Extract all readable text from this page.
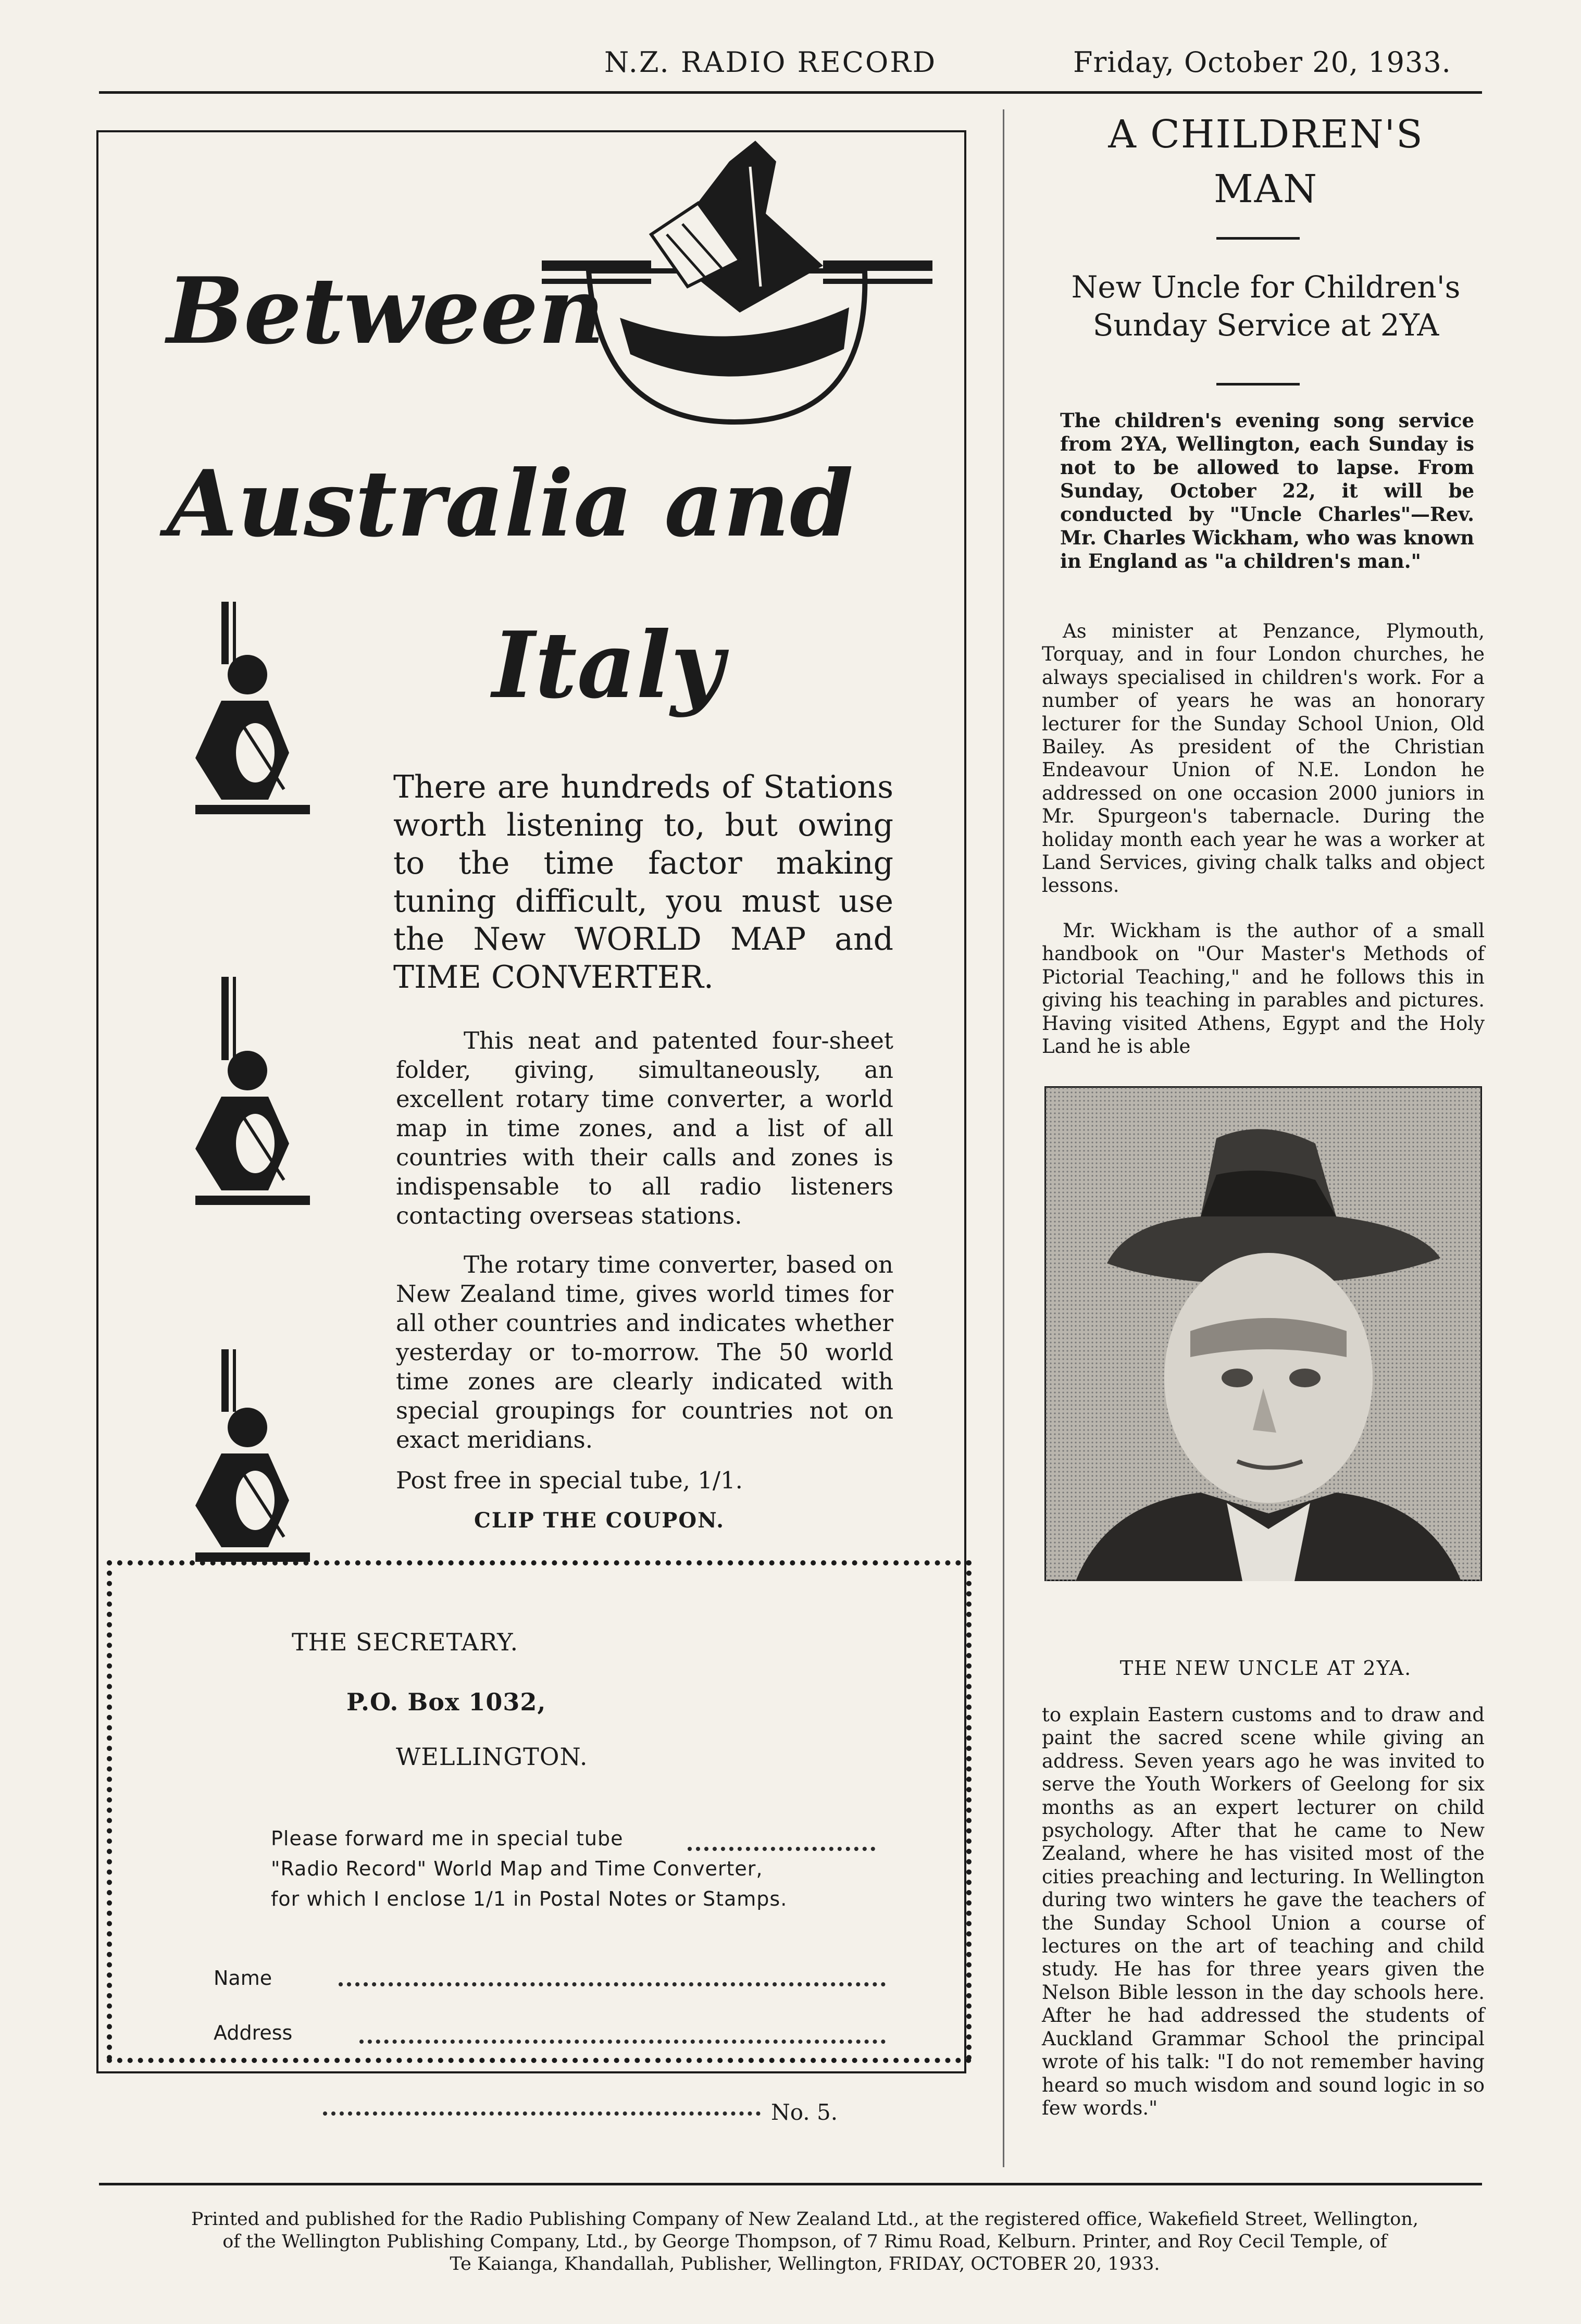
N.Z. RADIO RECORD	Friday, October 20, 1933.
Between
Australia and
Italy
There are hundreds of Stations worth listening to, but owing to the time factor making tuning difficult, you must use the New WORLD MAP and TIME CONVERTER.
This neat and patented four-sheet folder, giving, simultaneously, an excellent rotary time converter, a world map in time zones, and a list of all countries with their calls and zones is indispensable to all radio listeners contacting overseas stations.
The rotary time converter, based on New Zealand time, gives world times for all other countries and indicates whether yesterday or to-morrow. The 50 world time zones are clearly indicated with special groupings for countries not on exact meridians.
Post free in special tube, 1/1.
CLIP THE COUPON.
THE SECRETARY.
P.O. Box 1032,
WELLINGTON.
Please forward me in special tube
"Radio Record" World Map and Time Converter,
for which I enclose 1/1 in Postal Notes or Stamps.
Name
Address
No. 5.
A CHILDREN'S
MAN
New Uncle for Children's
Sunday Service at 2YA
The children's evening song service from 2YA, Wellington, each Sunday is not to be allowed to lapse. From Sunday, October 22, it will be conducted by "Uncle Charles"—Rev. Mr. Charles Wickham, who was known in England as "a children's man."
As minister at Penzance, Plymouth, Torquay, and in four London churches, he always specialised in children's work. For a number of years he was an honorary lecturer for the Sunday School Union, Old Bailey. As president of the Christian Endeavour Union of N.E. London he addressed on one occasion 2000 juniors in Mr. Spurgeon's tabernacle. During the holiday month each year he was a worker at Land Services, giving chalk talks and object lessons.
Mr. Wickham is the author of a small handbook on "Our Master's Methods of Pictorial Teaching," and he follows this in giving his teaching in parables and pictures. Having visited Athens, Egypt and the Holy Land he is able
THE NEW UNCLE AT 2YA.
to explain Eastern customs and to draw and paint the sacred scene while giving an address. Seven years ago he was invited to serve the Youth Workers of Geelong for six months as an expert lecturer on child psychology. After that he came to New Zealand, where he has visited most of the cities preaching and lecturing. In Wellington during two winters he gave the teachers of the Sunday School Union a course of lectures on the art of teaching and child study. He has for three years given the Nelson Bible lesson in the day schools here. After he had addressed the students of Auckland Grammar School the principal wrote of his talk: "I do not remember having heard so much wisdom and sound logic in so few words."
Printed and published for the Radio Publishing Company of New Zealand Ltd., at the registered office, Wakefield Street, Wellington,
of the Wellington Publishing Company, Ltd., by George Thompson, of 7 Rimu Road, Kelburn. Printer, and Roy Cecil Temple, of
Te Kaianga, Khandallah, Publisher, Wellington, FRIDAY, OCTOBER 20, 1933.
